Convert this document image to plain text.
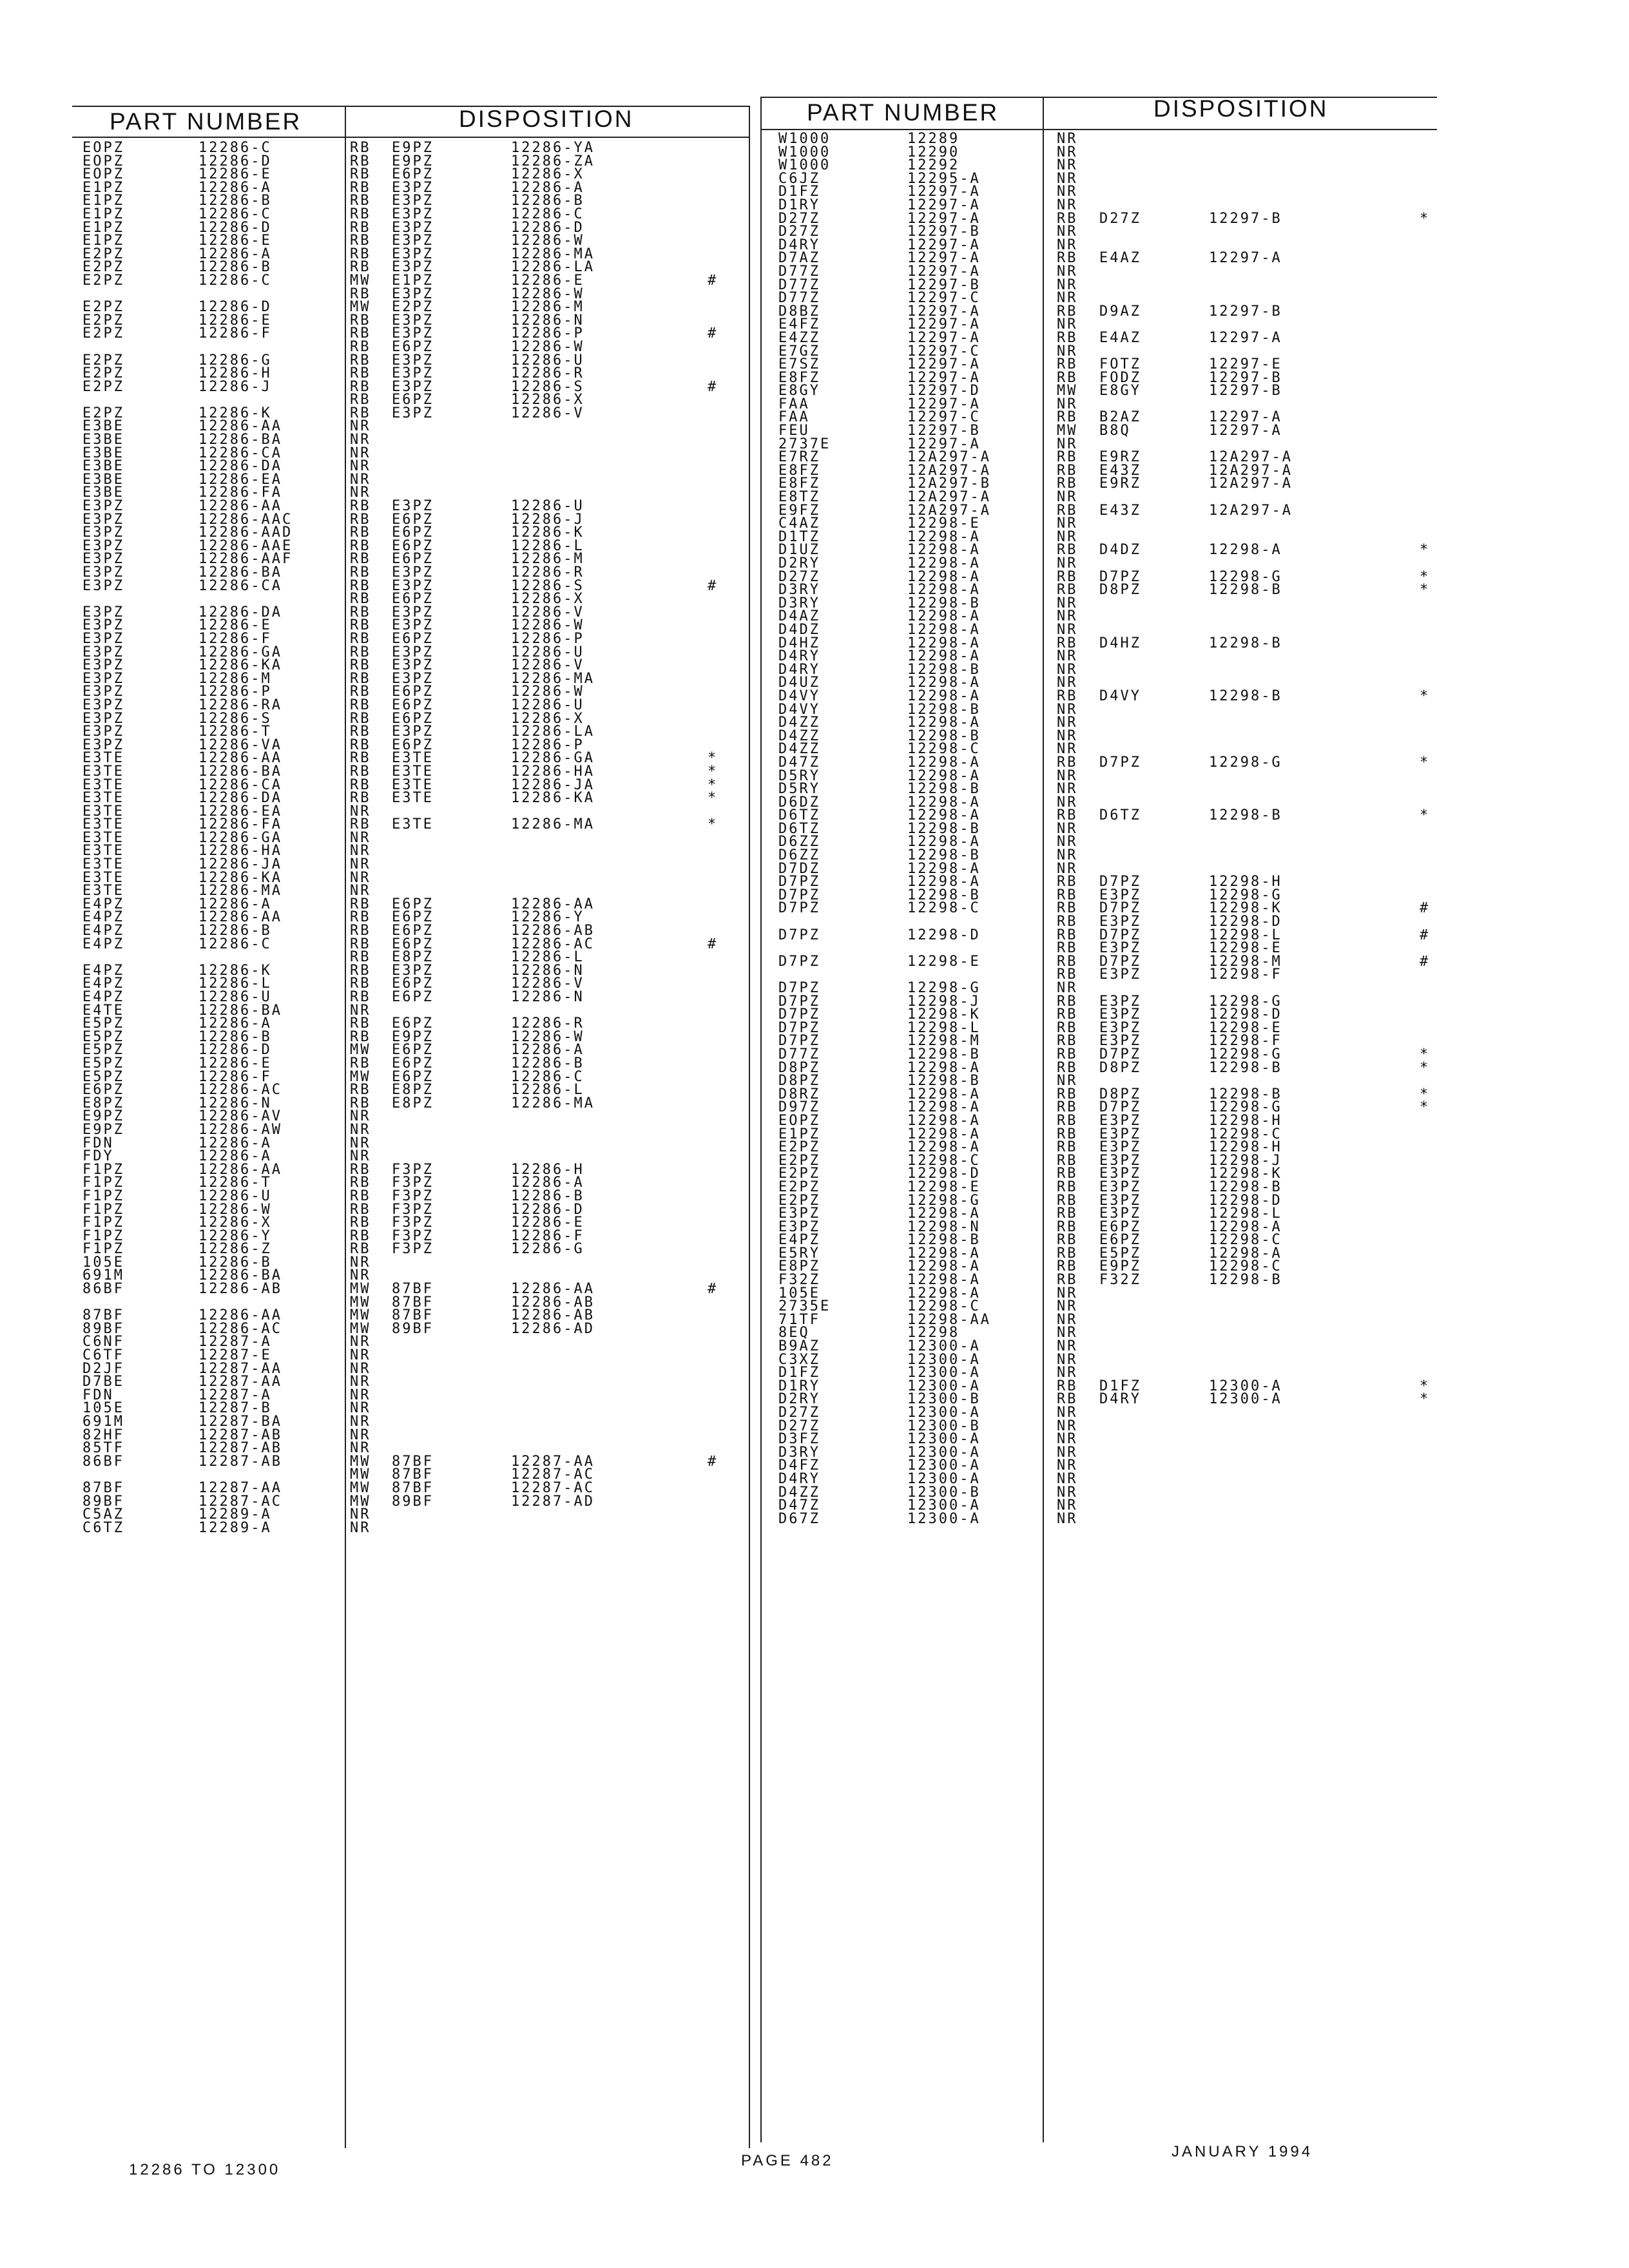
PART NUMBER	DISPOSITION	PART NUMBER	DISPOSITION
EOPZ	12286-C	RB E9PZ	12286-YA
EOPZ	12286-D	RB E9PZ	12286-ZA
EOPZ	12286-E	RB E6PZ	12286-X
E1PZ	12286-A	RB E3PZ	12286-A
E1PZ	12286-B	RB E3PZ	12286-B
E1PZ	12286-C	RB E3PZ	12286-C
E1PZ	12286-D	RB E3PZ	12286-D
E1PZ	12286-E	RB E3PZ	12286-W
E2PZ	12286-A	RB E3PZ	12286-MA
E2PZ	12286-B	RB E3PZ	12286-LA
E2PZ	12286-C	MW E1PZ	12286-E	#
RB E3PZ	12286-W
E2PZ	12286-D	MW E2PZ	12286-M
E2PZ	12286-E	RB E3PZ	12286-N
E2PZ	12286-F	RB E3PZ	12286-P	#
RB E6PZ	12286-W
E2PZ	12286-G	RB E3PZ	12286-U
E2PZ	12286-H	RB E3PZ	12286-R
E2PZ	12286-J	RB E3PZ	12286-S	#
RB E6PZ	12286-X
E2PZ	12286-K	RB E3PZ	12286-V
E3BE	12286-AA	NR
E3BE	12286-BA	NR
E3BE	12286-CA	NR
E3BE	12286-DA	NR
E3BE	12286-EA	NR
E3BE	12286-FA	NR
E3PZ	12286-AA	RB E3PZ	12286-U
E3PZ	12286-AAC	RB E6PZ	12286-J
E3PZ	12286-AAD	RB E6PZ	12286-K
E3PZ	12286-AAE	RB E6PZ	12286-L
E3PZ	12286-AAF	RB E6PZ	12286-M
E3PZ	12286-BA	RB E3PZ	12286-R
E3PZ	12286-CA	RB E3PZ	12286-S	#
RB E6PZ	12286-X
E3PZ	12286-DA	RB E3PZ	12286-V
E3PZ	12286-E	RB E3PZ	12286-W
E3PZ	12286-F	RB E6PZ	12286-P
E3PZ	12286-GA	RB E3PZ	12286-U
E3PZ	12286-KA	RB E3PZ	12286-V
E3PZ	12286-M	RB E3PZ	12286-MA
E3PZ	12286-P	RB E6PZ	12286-W
E3PZ	12286-RA	RB E6PZ	12286-U
E3PZ	12286-S	RB E6PZ	12286-X
E3PZ	12286-T	RB E3PZ	12286-LA
E3PZ	12286-VA	RB E6PZ	12286-P
E3TE	12286-AA	RB E3TE	12286-GA	*
E3TE	12286-BA	RB E3TE	12286-HA	*
E3TE	12286-CA	RB E3TE	12286-JA	*
E3TE	12286-DA	RB E3TE	12286-KA	*
E3TE	12286-EA	NR
E3TE	12286-FA	RB E3TE	12286-MA	*
E3TE	12286-GA	NR
E3TE	12286-HA	NR
E3TE	12286-JA	NR
E3TE	12286-KA	NR
E3TE	12286-MA	NR
E4PZ	12286-A	RB E6PZ	12286-AA
E4PZ	12286-AA	RB E6PZ	12286-Y
E4PZ	12286-B	RB E6PZ	12286-AB
E4PZ	12286-C	RB E6PZ	12286-AC	#
RB E8PZ	12286-L
E4PZ	12286-K	RB E3PZ	12286-N
E4PZ	12286-L	RB E6PZ	12286-V
E4PZ	12286-U	RB E6PZ	12286-N
E4TE	12286-BA	NR
E5PZ	12286-A	RB E6PZ	12286-R
E5PZ	12286-B	RB E9PZ	12286-W
E5PZ	12286-D	MW E6PZ	12286-A
E5PZ	12286-E	RB E6PZ	12286-B
E5PZ	12286-F	MW E6PZ	12286-C
E6PZ	12286-AC	RB E8PZ	12286-L
E8PZ	12286-N	RB E8PZ	12286-MA
E9PZ	12286-AV	NR
E9PZ	12286-AW	NR
FDN	12286-A	NR
FDY	12286-A	NR
F1PZ	12286-AA	RB F3PZ	12286-H
F1PZ	12286-T	RB F3PZ	12286-A
F1PZ	12286-U	RB F3PZ	12286-B
F1PZ	12286-W	RB F3PZ	12286-D
F1PZ	12286-X	RB F3PZ	12286-E
F1PZ	12286-Y	RB F3PZ	12286-F
F1PZ	12286-Z	RB F3PZ	12286-G
105E	12286-B	NR
691M	12286-BA	NR
86BF	12286-AB	MW 87BF	12286-AA	#
MW 87BF	12286-AB
87BF	12286-AA	MW 87BF	12286-AB
89BF	12286-AC	MW 89BF	12286-AD
C6NF	12287-A	NR
C6TF	12287-E	NR
D2JF	12287-AA	NR
D7BE	12287-AA	NR
FDN	12287-A	NR
105E	12287-B	NR
691M	12287-BA	NR
82HF	12287-AB	NR
85TF	12287-AB	NR
86BF	12287-AB	MW 87BF	12287-AA	#
MW 87BF	12287-AC
87BF	12287-AA	MW 87BF	12287-AC
89BF	12287-AC	MW 89BF	12287-AD
C5AZ	12289-A	NR
C6TZ	12289-A	NR
W1000	12289	NR
W1000	12290	NR
W1000	12292	NR
C6JZ	12295-A	NR
D1FZ	12297-A	NR
D1RY	12297-A	NR
D27Z	12297-A	RB D27Z	12297-B	*
D27Z	12297-B	NR
D4RY	12297-A	NR
D7AZ	12297-A	RB E4AZ	12297-A
D77Z	12297-A	NR
D77Z	12297-B	NR
D77Z	12297-C	NR
D8BZ	12297-A	RB D9AZ	12297-B
E4FZ	12297-A	NR
E4ZZ	12297-A	RB E4AZ	12297-A
E7GZ	12297-C	NR
E7SZ	12297-A	RB FOTZ	12297-E
E8FZ	12297-A	RB FODZ	12297-B
E8GY	12297-D	MW E8GY	12297-B
FAA	12297-A	NR
FAA	12297-C	RB B2AZ	12297-A
FEU	12297-B	MW B8Q	12297-A
2737E	12297-A	NR
E7RZ	12A297-A	RB E9RZ	12A297-A
E8FZ	12A297-A	RB E43Z	12A297-A
E8FZ	12A297-B	RB E9RZ	12A297-A
E8TZ	12A297-A	NR
E9FZ	12A297-A	RB E43Z	12A297-A
C4AZ	12298-E	NR
D1TZ	12298-A	NR
D1UZ	12298-A	RB D4DZ	12298-A	*
D2RY	12298-A	NR
D27Z	12298-A	RB D7PZ	12298-G	*
D3RY	12298-A	RB D8PZ	12298-B	*
D3RY	12298-B	NR
D4AZ	12298-A	NR
D4DZ	12298-A	NR
D4HZ	12298-A	RB D4HZ	12298-B
D4RY	12298-A	NR
D4RY	12298-B	NR
D4UZ	12298-A	NR
D4VY	12298-A	RB D4VY	12298-B	*
D4VY	12298-B	NR
D4ZZ	12298-A	NR
D4ZZ	12298-B	NR
D4ZZ	12298-C	NR
D47Z	12298-A	RB D7PZ	12298-G	*
D5RY	12298-A	NR
D5RY	12298-B	NR
D6DZ	12298-A	NR
D6TZ	12298-A	RB D6TZ	12298-B	*
D6TZ	12298-B	NR
D6ZZ	12298-A	NR
D6ZZ	12298-B	NR
D7DZ	12298-A	NR
D7PZ	12298-A	RB D7PZ	12298-H
D7PZ	12298-B	RB E3PZ	12298-G
D7PZ	12298-C	RB D7PZ	12298-K	#
RB E3PZ	12298-D
D7PZ	12298-D	RB D7PZ	12298-L	#
RB E3PZ	12298-E
D7PZ	12298-E	RB D7PZ	12298-M	#
RB E3PZ	12298-F
D7PZ	12298-G	NR
D7PZ	12298-J	RB E3PZ	12298-G
D7PZ	12298-K	RB E3PZ	12298-D
D7PZ	12298-L	RB E3PZ	12298-E
D7PZ	12298-M	RB E3PZ	12298-F
D77Z	12298-B	RB D7PZ	12298-G	*
D8PZ	12298-A	RB D8PZ	12298-B	*
D8PZ	12298-B	NR
D8RZ	12298-A	RB D8PZ	12298-B	*
D97Z	12298-A	RB D7PZ	12298-G	*
EOPZ	12298-A	RB E3PZ	12298-H
E1PZ	12298-A	RB E3PZ	12298-C
E2PZ	12298-A	RB E3PZ	12298-H
E2PZ	12298-C	RB E3PZ	12298-J
E2PZ	12298-D	RB E3PZ	12298-K
E2PZ	12298-E	RB E3PZ	12298-B
E2PZ	12298-G	RB E3PZ	12298-D
E3PZ	12298-A	RB E3PZ	12298-L
E3PZ	12298-N	RB E6PZ	12298-A
E4PZ	12298-B	RB E6PZ	12298-C
E5RY	12298-A	RB E5PZ	12298-A
E8PZ	12298-A	RB E9PZ	12298-C
F32Z	12298-A	RB F32Z	12298-B
105E	12298-A	NR
2735E	12298-C	NR
71TF	12298-AA	NR
8EQ	12298	NR
B9AZ	12300-A	NR
C3XZ	12300-A	NR
D1FZ	12300-A	NR
D1RY	12300-A	RB D1FZ	12300-A	*
D2RY	12300-B	RB D4RY	12300-A	*
D27Z	12300-A	NR
D27Z	12300-B	NR
D3FZ	12300-A	NR
D3RY	12300-A	NR
D4FZ	12300-A	NR
D4RY	12300-A	NR
D4ZZ	12300-B	NR
D47Z	12300-A	NR
D67Z	12300-A	NR
12286 TO 12300
PAGE 482
JANUARY 1994
